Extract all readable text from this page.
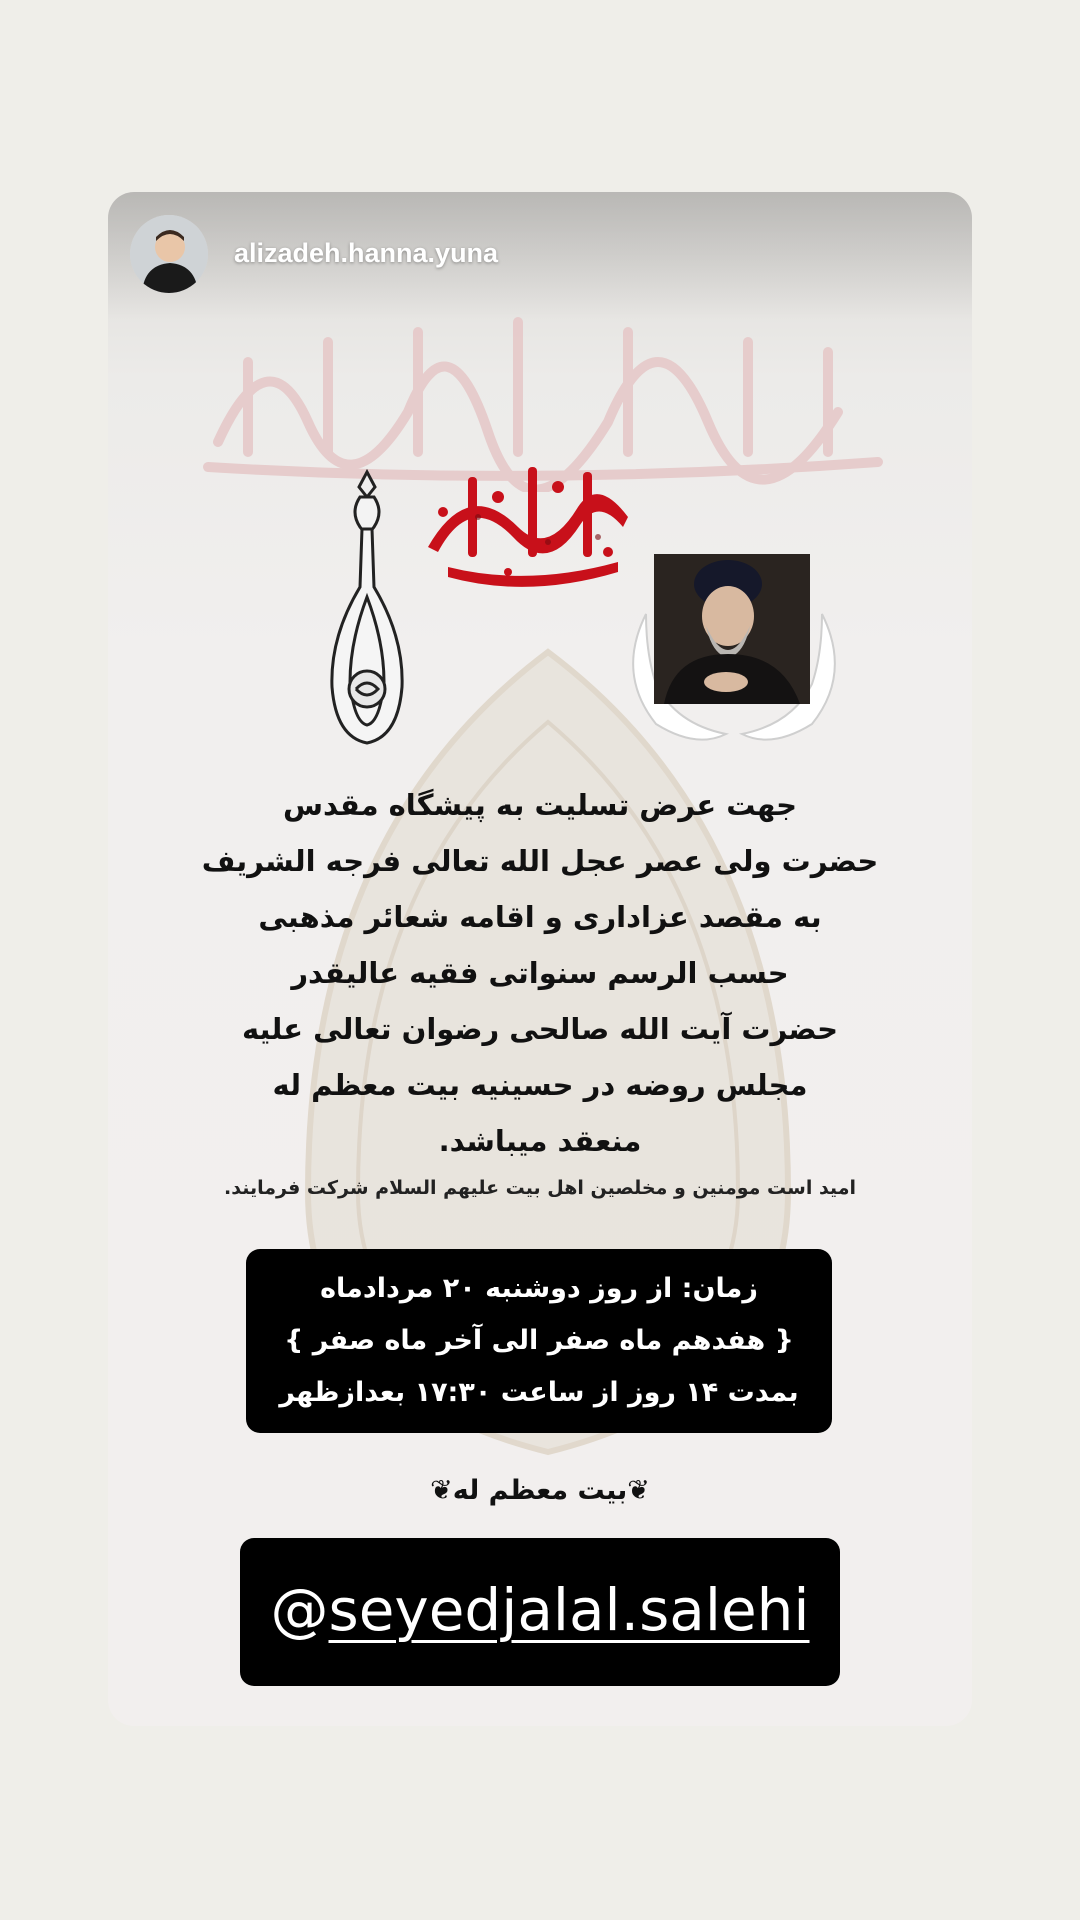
alizadeh.hanna.yuna
جهت عرض تسلیت به پیشگاه مقدس
حضرت ولی عصر عجل الله تعالی فرجه الشریف
به مقصد عزاداری و اقامه شعائر مذهبی
حسب الرسم سنواتی فقیه عالیقدر
حضرت آیت الله صالحی رضوان تعالی علیه
مجلس روضه در حسینیه بیت معظم له
منعقد میباشد.
امید است مومنین و مخلصین اهل بیت علیهم السلام شرکت فرمایند.
زمان: از روز دوشنبه ۲۰ مردادماه
{ هفدهم ماه صفر الی آخر ماه صفر }
بمدت ۱۴ روز از ساعت ۱۷:۳۰ بعدازظهر
❦بیت معظم له❦
@seyedjalal.salehi
